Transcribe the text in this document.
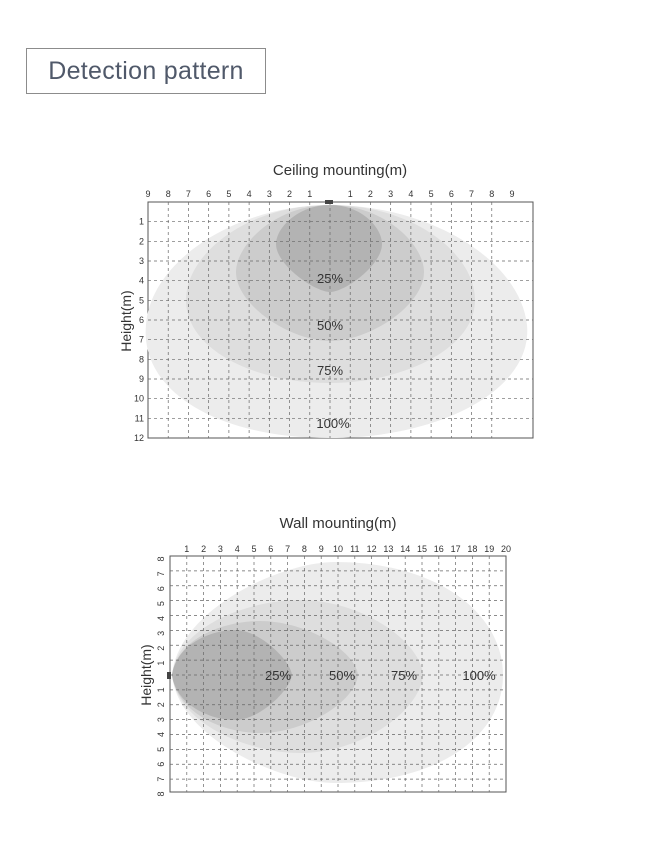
Detection pattern
Ceiling mounting(m)
Wall mounting(m)
25%
50%
75%
100%
9 8 7 6 5 4 3 2 1	1 2 3 4 5 6 7 8 9
1
2
3
4
5
6
7
8
9
10
11
12
Height(m)
25%	50%	75%	100%
1 2 3 4 5 6 7 8 9 10 11 12 13 14 15 16 17 18 19 20
8
7
6
5
4
3
2
1
1
2
3
4
5
6
7
8
Height(m)
